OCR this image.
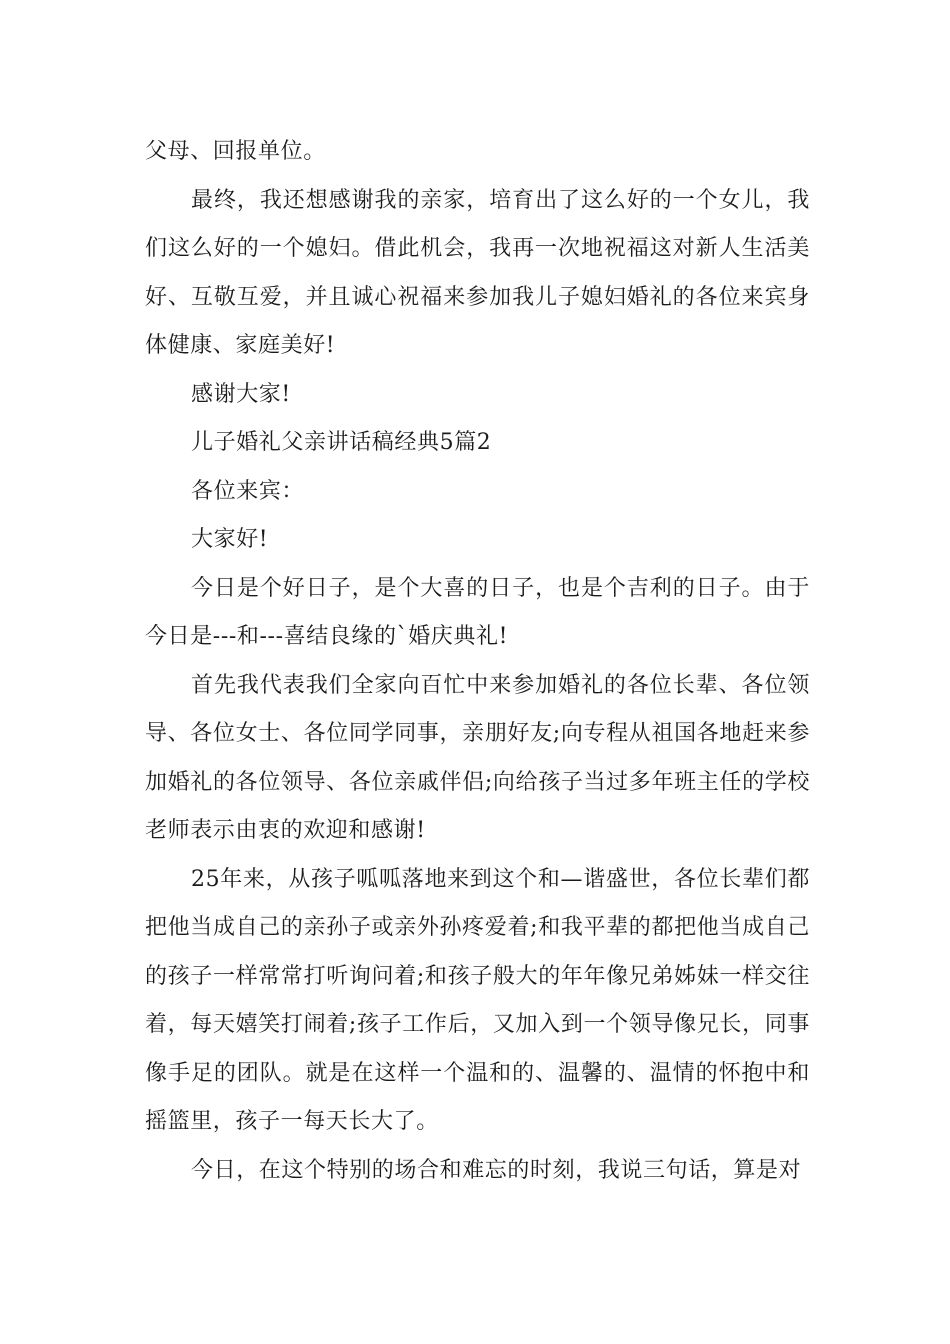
父母、回报单位。

最终，我还想感谢我的亲家，培育出了这么好的一个女儿，我们这么好的一个媳妇。借此机会，我再一次地祝福这对新人生活美好、互敬互爱，并且诚心祝福来参加我儿子媳妇婚礼的各位来宾身体健康、家庭美好!

感谢大家!

儿子婚礼父亲讲话稿经典5篇2

各位来宾：

大家好!

今日是个好日子，是个大喜的日子，也是个吉利的日子。由于今日是---和---喜结良缘的`婚庆典礼!

首先我代表我们全家向百忙中来参加婚礼的各位长辈、各位领导、各位女士、各位同学同事，亲朋好友;向专程从祖国各地赶来参加婚礼的各位领导、各位亲戚伴侣;向给孩子当过多年班主任的学校老师表示由衷的欢迎和感谢!

25年来，从孩子呱呱落地来到这个和—谐盛世，各位长辈们都把他当成自己的亲孙子或亲外孙疼爱着;和我平辈的都把他当成自己的孩子一样常常打听询问着;和孩子般大的年年像兄弟姊妹一样交往着，每天嬉笑打闹着;孩子工作后，又加入到一个领导像兄长，同事像手足的团队。就是在这样一个温和的、温馨的、温情的怀抱中和摇篮里，孩子一每天长大了。

今日，在这个特别的场合和难忘的时刻，我说三句话，算是对
